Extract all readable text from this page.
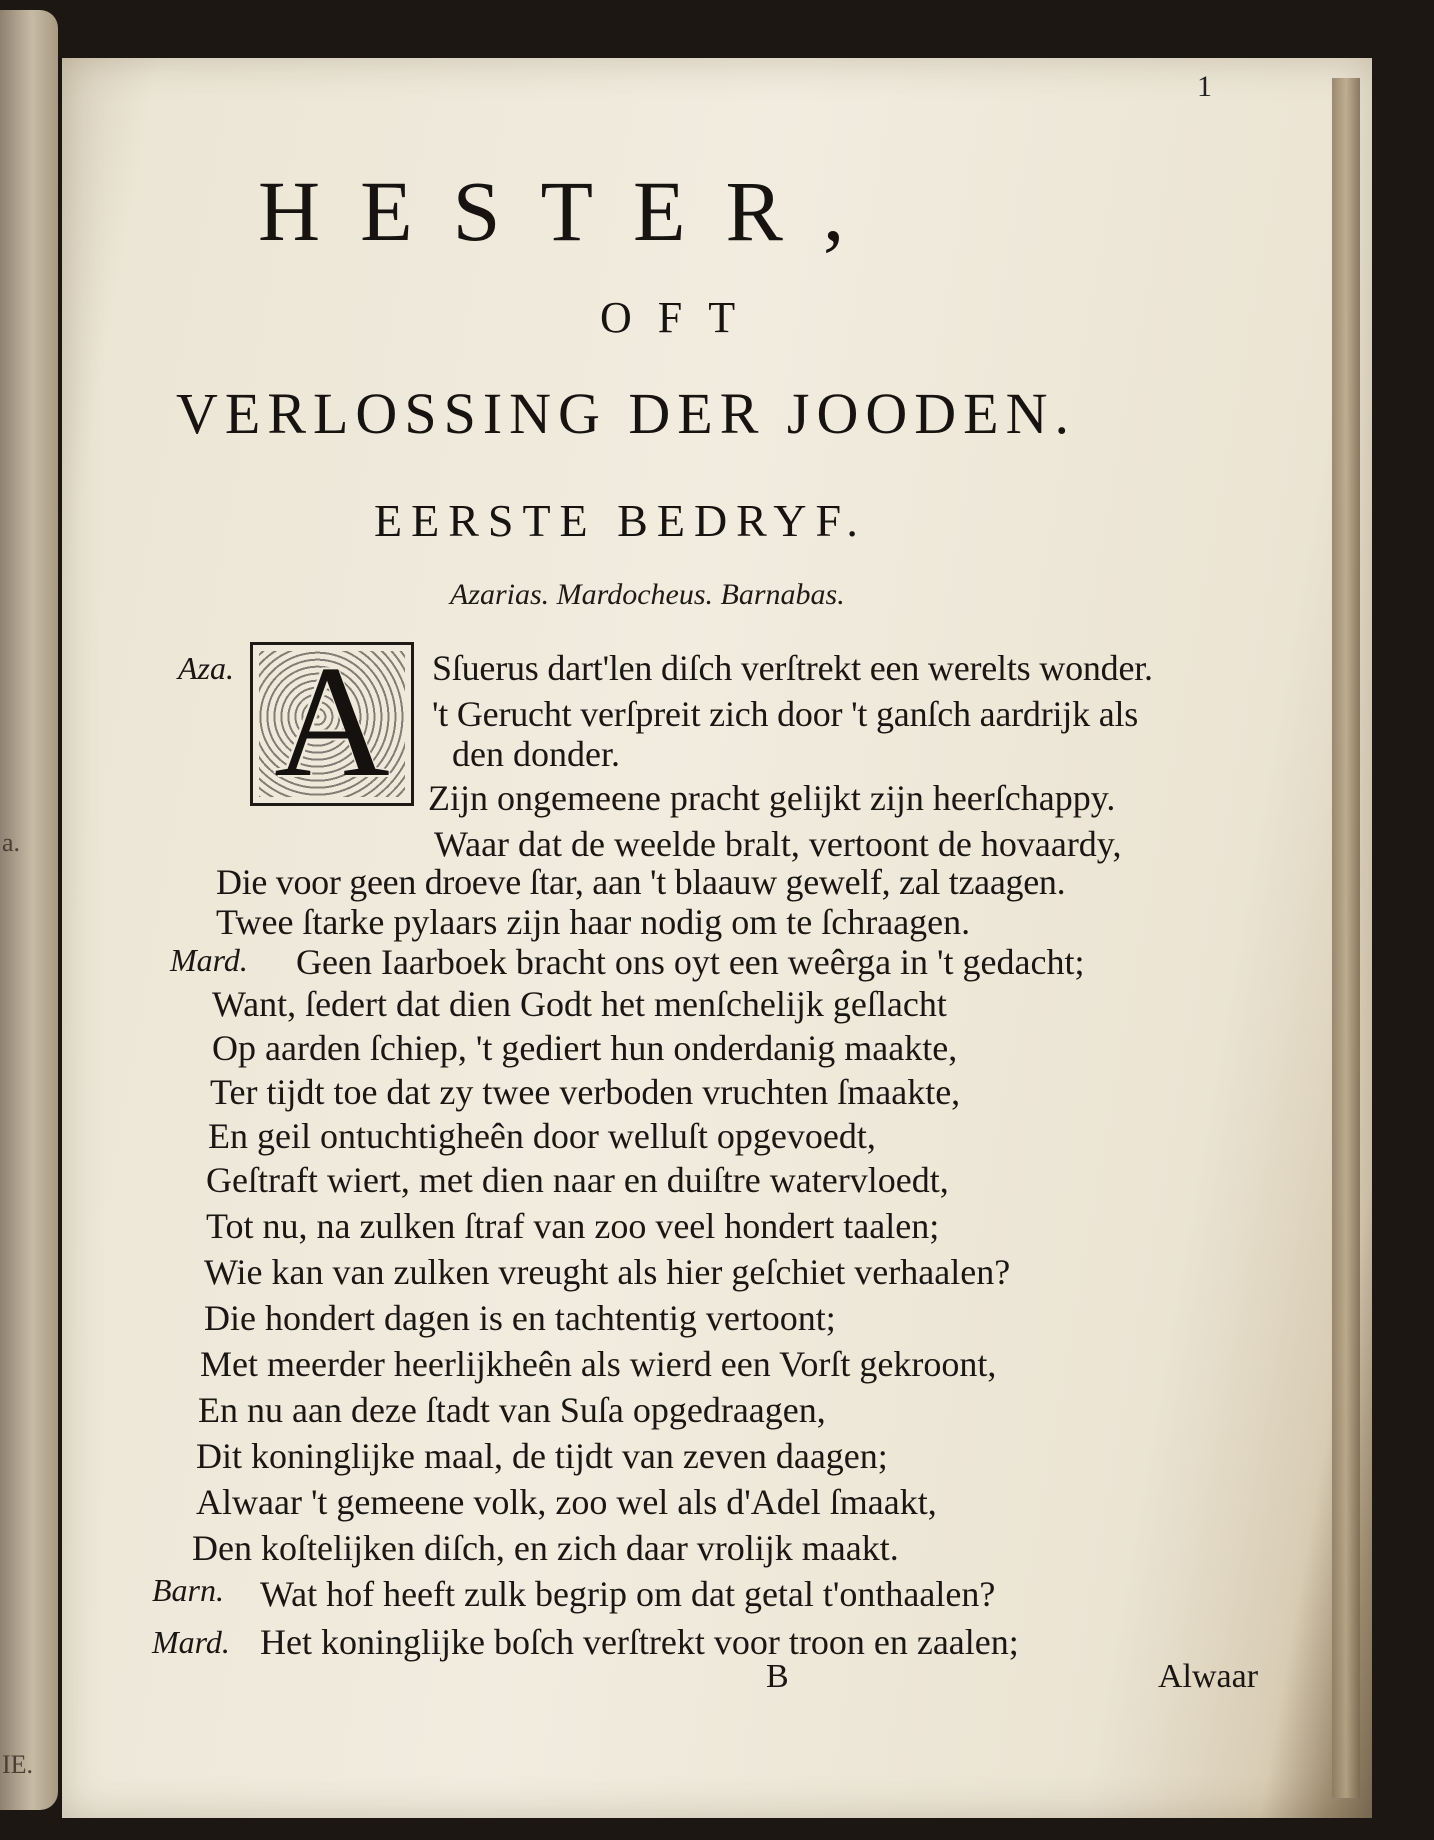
a.
IE.
1
HESTER,
OFT
VERLOSSING DER JOODEN.
EERSTE BEDRYF.
Azarias. Mardocheus. Barnabas.
A
Aza.
Mard.
Barn.
Mard.
Sſuerus dart'len diſch verſtrekt een werelts wonder.
't Gerucht verſpreit zich door 't ganſch aardrijk als
den donder.
Zijn ongemeene pracht gelijkt zijn heerſchappy.
Waar dat de weelde bralt, vertoont de hovaardy,
Die voor geen droeve ſtar, aan 't blaauw gewelf, zal tzaagen.
Twee ſtarke pylaars zijn haar nodig om te ſchraagen.
Geen Iaarboek bracht ons oyt een weêrga in 't gedacht;
Want, ſedert dat dien Godt het menſchelijk geſlacht
Op aarden ſchiep, 't gediert hun onderdanig maakte,
Ter tijdt toe dat zy twee verboden vruchten ſmaakte,
En geil ontuchtigheên door welluſt opgevoedt,
Geſtraft wiert, met dien naar en duiſtre watervloedt,
Tot nu, na zulken ſtraf van zoo veel hondert taalen;
Wie kan van zulken vreught als hier geſchiet verhaalen?
Die hondert dagen is en tachtentig vertoont;
Met meerder heerlijkheên als wierd een Vorſt gekroont,
En nu aan deze ſtadt van Suſa opgedraagen,
Dit koninglijke maal, de tijdt van zeven daagen;
Alwaar 't gemeene volk, zoo wel als d'Adel ſmaakt,
Den koſtelijken diſch, en zich daar vrolijk maakt.
Wat hof heeft zulk begrip om dat getal t'onthaalen?
Het koninglijke boſch verſtrekt voor troon en zaalen;
B	Alwaar
